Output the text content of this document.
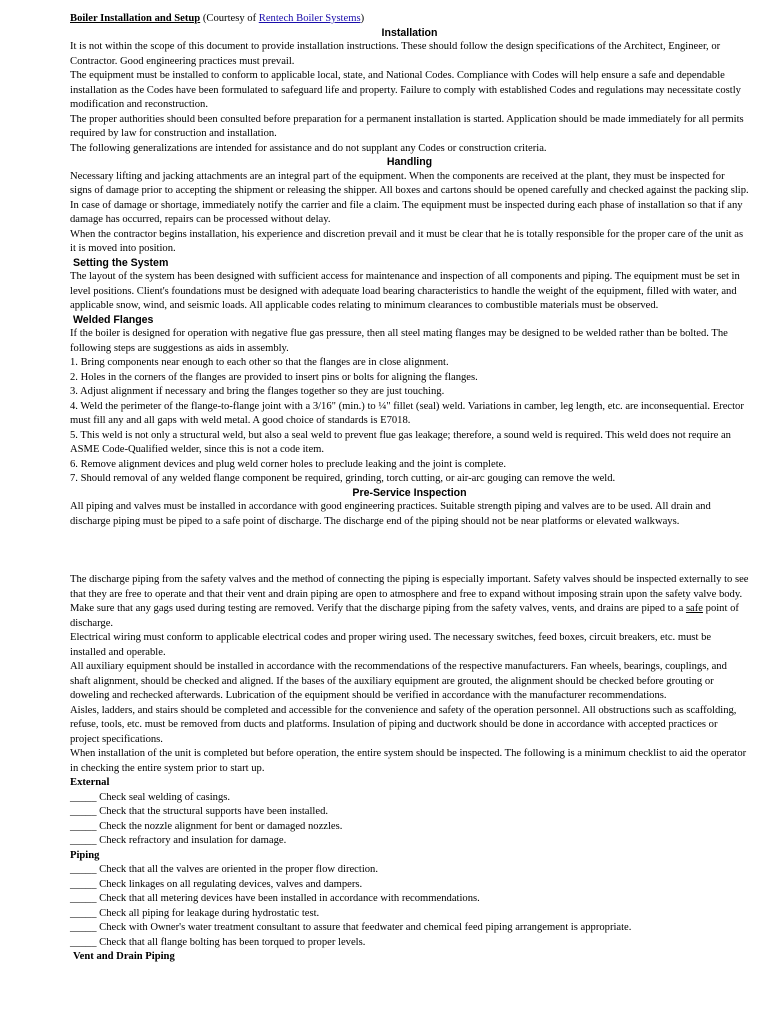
Boiler Installation and Setup (Courtesy of Rentech Boiler Systems)

Installation

It is not within the scope of this document to provide installation instructions. These should follow the design specifications of the Architect, Engineer, or Contractor. Good engineering practices must prevail.

The equipment must be installed to conform to applicable local, state, and National Codes. Compliance with Codes will help ensure a safe and dependable installation as the Codes have been formulated to safeguard life and property. Failure to comply with established Codes and regulations may necessitate costly modification and reconstruction.

The proper authorities should been consulted before preparation for a permanent installation is started. Application should be made immediately for all permits required by law for construction and installation.

The following generalizations are intended for assistance and do not supplant any Codes or construction criteria.

Handling

Necessary lifting and jacking attachments are an integral part of the equipment. When the components are received at the plant, they must be inspected for signs of damage prior to accepting the shipment or releasing the shipper. All boxes and cartons should be opened carefully and checked against the packing slip. In case of damage or shortage, immediately notify the carrier and file a claim. The equipment must be inspected during each phase of installation so that if any damage has occurred, repairs can be processed without delay.

When the contractor begins installation, his experience and discretion prevail and it must be clear that he is totally responsible for the proper care of the unit as it is moved into position.

Setting the System

The layout of the system has been designed with sufficient access for maintenance and inspection of all components and piping. The equipment must be set in level positions. Client's foundations must be designed with adequate load bearing characteristics to handle the weight of the equipment, filled with water, and applicable snow, wind, and seismic loads. All applicable codes relating to minimum clearances to combustible materials must be observed.

Welded Flanges

If the boiler is designed for operation with negative flue gas pressure, then all steel mating flanges may be designed to be welded rather than be bolted. The following steps are suggestions as aids in assembly.

1. Bring components near enough to each other so that the flanges are in close alignment.

2. Holes in the corners of the flanges are provided to insert pins or bolts for aligning the flanges.

3. Adjust alignment if necessary and bring the flanges together so they are just touching.

4. Weld the perimeter of the flange-to-flange joint with a 3/16" (min.) to ¼" fillet (seal) weld. Variations in camber, leg length, etc. are inconsequential. Erector must fill any and all gaps with weld metal. A good choice of standards is E7018.

5. This weld is not only a structural weld, but also a seal weld to prevent flue gas leakage; therefore, a sound weld is required. This weld does not require an ASME Code-Qualified welder, since this is not a code item.

6. Remove alignment devices and plug weld corner holes to preclude leaking and the joint is complete.

7. Should removal of any welded flange component be required, grinding, torch cutting, or air-arc gouging can remove the weld.

Pre-Service Inspection

All piping and valves must be installed in accordance with good engineering practices. Suitable strength piping and valves are to be used. All drain and discharge piping must be piped to a safe point of discharge. The discharge end of the piping should not be near platforms or elevated walkways.

The discharge piping from the safety valves and the method of connecting the piping is especially important. Safety valves should be inspected externally to see that they are free to operate and that their vent and drain piping are open to atmosphere and free to expand without imposing strain upon the safety valve body. Make sure that any gags used during testing are removed. Verify that the discharge piping from the safety valves, vents, and drains are piped to a safe point of discharge.

Electrical wiring must conform to applicable electrical codes and proper wiring used. The necessary switches, feed boxes, circuit breakers, etc. must be installed and operable.

All auxiliary equipment should be installed in accordance with the recommendations of the respective manufacturers. Fan wheels, bearings, couplings, and shaft alignment, should be checked and aligned. If the bases of the auxiliary equipment are grouted, the alignment should be checked before grouting or doweling and rechecked afterwards. Lubrication of the equipment should be verified in accordance with the manufacturer recommendations.

Aisles, ladders, and stairs should be completed and accessible for the convenience and safety of the operation personnel. All obstructions such as scaffolding, refuse, tools, etc. must be removed from ducts and platforms. Insulation of piping and ductwork should be done in accordance with accepted practices or project specifications.

When installation of the unit is completed but before operation, the entire system should be inspected. The following is a minimum checklist to aid the operator in checking the entire system prior to start up.

External

_____ Check seal welding of casings.

_____ Check that the structural supports have been installed.

_____ Check the nozzle alignment for bent or damaged nozzles.

_____ Check refractory and insulation for damage.

Piping

_____ Check that all the valves are oriented in the proper flow direction.

_____ Check linkages on all regulating devices, valves and dampers.

_____ Check that all metering devices have been installed in accordance with recommendations.

_____ Check all piping for leakage during hydrostatic test.

_____ Check with Owner's water treatment consultant to assure that feedwater and chemical feed piping arrangement is appropriate.

_____ Check that all flange bolting has been torqued to proper levels.

Vent and Drain Piping
